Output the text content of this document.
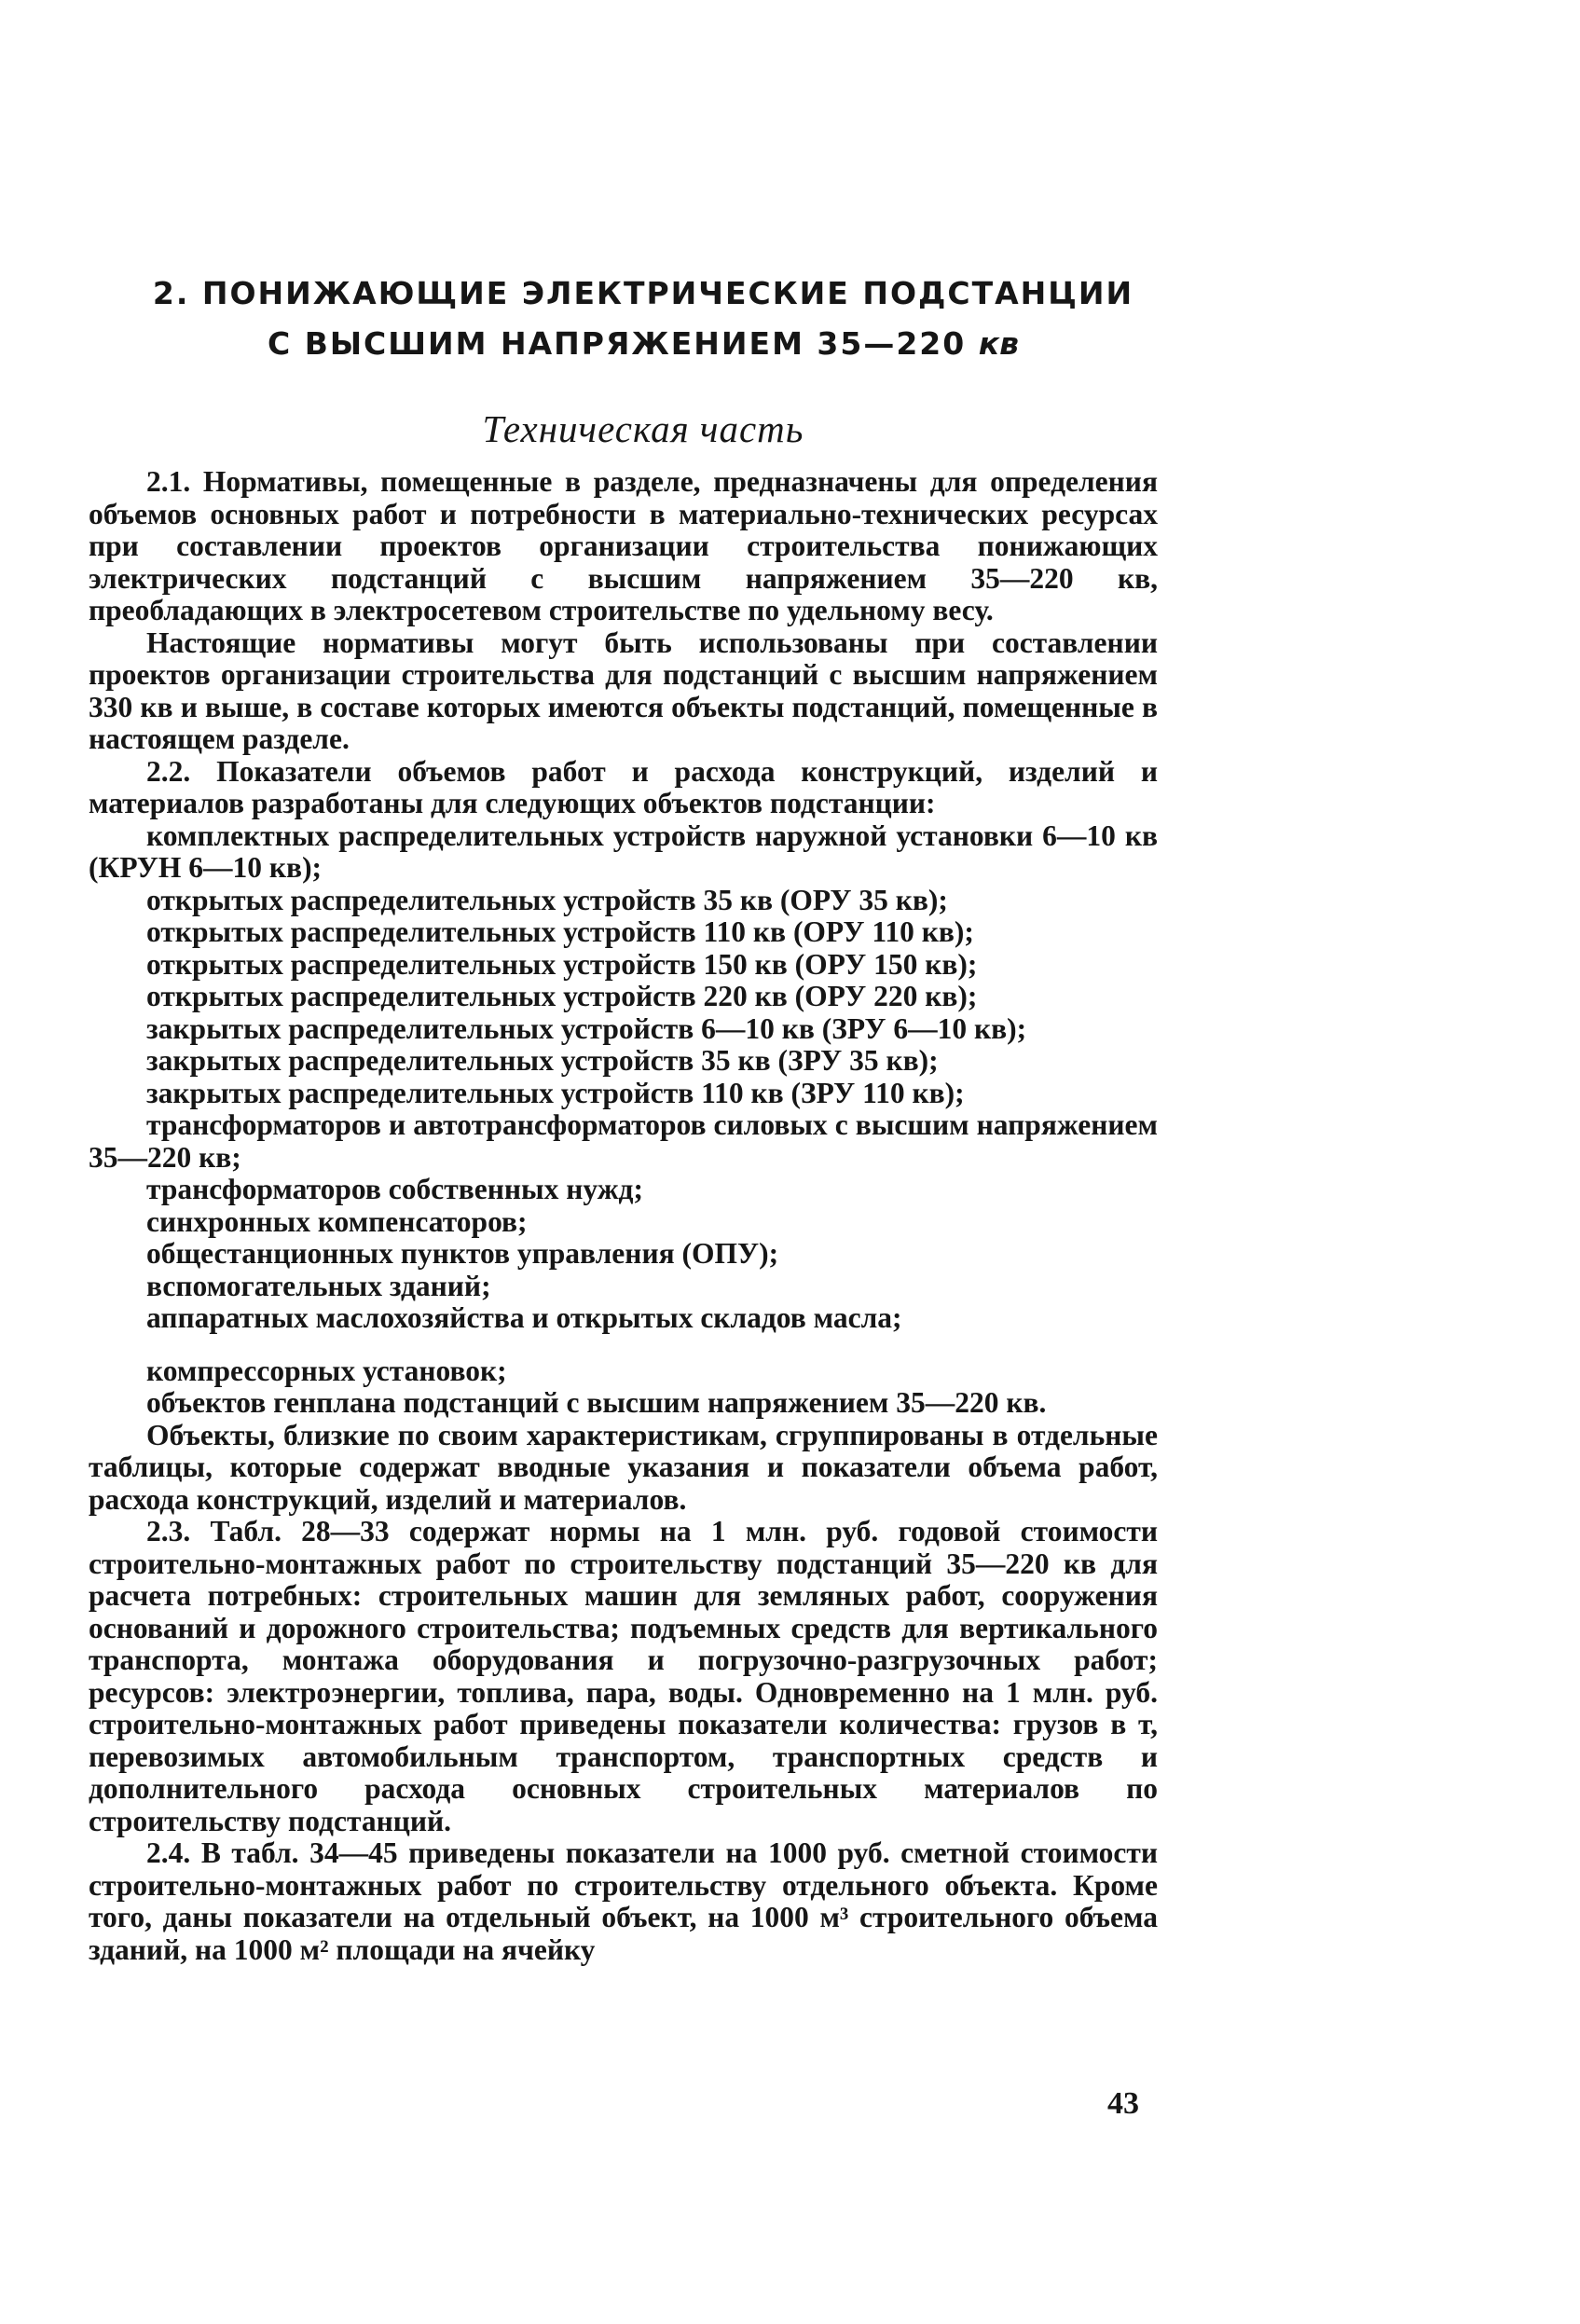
2. ПОНИЖАЮЩИЕ ЭЛЕКТРИЧЕСКИЕ ПОДСТАНЦИИ
С ВЫСШИМ НАПРЯЖЕНИЕМ 35—220 кв
Техническая часть

2.1. Нормативы, помещенные в разделе, предназначены для определения объемов основных работ и потребности в материально-технических ресурсах при составлении проектов организации строительства понижающих электрических подстанций с высшим напряжением 35—220 кв, преобладающих в электросетевом строительстве по удельному весу.

Настоящие нормативы могут быть использованы при составлении проектов организации строительства для подстанций с высшим напряжением 330 кв и выше, в составе которых имеются объекты подстанций, помещенные в настоящем разделе.

2.2. Показатели объемов работ и расхода конструкций, изделий и материалов разработаны для следующих объектов подстанции:

комплектных распределительных устройств наружной установки 6—10 кв (КРУН 6—10 кв);

открытых распределительных устройств 35 кв (ОРУ 35 кв);

открытых распределительных устройств 110 кв (ОРУ 110 кв);

открытых распределительных устройств 150 кв (ОРУ 150 кв);

открытых распределительных устройств 220 кв (ОРУ 220 кв);

закрытых распределительных устройств 6—10 кв (ЗРУ 6—10 кв);

закрытых распределительных устройств 35 кв (ЗРУ 35 кв);

закрытых распределительных устройств 110 кв (ЗРУ 110 кв);

трансформаторов и автотрансформаторов силовых с высшим напряжением 35—220 кв;

трансформаторов собственных нужд;

синхронных компенсаторов;

общестанционных пунктов управления (ОПУ);

вспомогательных зданий;

аппаратных маслохозяйства и открытых складов масла;

компрессорных установок;

объектов генплана подстанций с высшим напряжением 35—220 кв.

Объекты, близкие по своим характеристикам, сгруппированы в отдельные таблицы, которые содержат вводные указания и показатели объема работ, расхода конструкций, изделий и материалов.

2.3. Табл. 28—33 содержат нормы на 1 млн. руб. годовой стоимости строительно-монтажных работ по строительству подстанций 35—220 кв для расчета потребных: строительных машин для земляных работ, сооружения оснований и дорожного строительства; подъемных средств для вертикального транспорта, монтажа оборудования и погрузочно-разгрузочных работ; ресурсов: электроэнергии, топлива, пара, воды. Одновременно на 1 млн. руб. строительно-монтажных работ приведены показатели количества: грузов в т, перевозимых автомобильным транспортом, транспортных средств и дополнительного расхода основных строительных материалов по строительству подстанций.

2.4. В табл. 34—45 приведены показатели на 1000 руб. сметной стоимости строительно-монтажных работ по строительству отдельного объекта. Кроме того, даны показатели на отдельный объект, на 1000 м³ строительного объема зданий, на 1000 м² площади на ячейку

43
